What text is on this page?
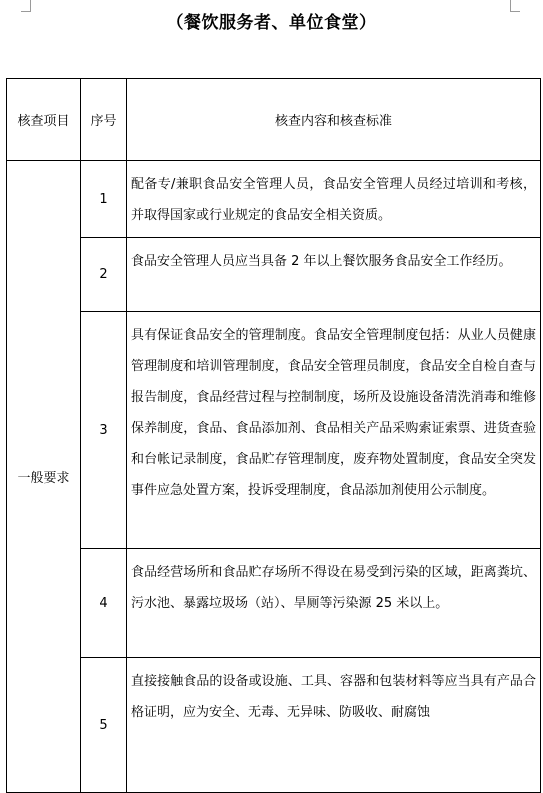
（餐饮服务者、单位食堂）
核查项目	序号	核查内容和核查标准
一般要求	1	配备专/兼职食品安全管理人员，食品安全管理人员经过培训和考核，并取得国家或行业规定的食品安全相关资质。
	2	食品安全管理人员应当具备 2 年以上餐饮服务食品安全工作经历。
	3	具有保证食品安全的管理制度。食品安全管理制度包括：从业人员健康管理制度和培训管理制度，食品安全管理员制度，食品安全自检自查与报告制度，食品经营过程与控制制度，场所及设施设备清洗消毒和维修保养制度，食品、食品添加剂、食品相关产品采购索证索票、进货查验和台帐记录制度，食品贮存管理制度，废弃物处置制度，食品安全突发事件应急处置方案，投诉受理制度，食品添加剂使用公示制度。
	4	食品经营场所和食品贮存场所不得设在易受到污染的区域，距离粪坑、污水池、暴露垃圾场（站）、旱厕等污染源 25 米以上。
	5	直接接触食品的设备或设施、工具、容器和包装材料等应当具有产品合格证明，应为安全、无毒、无异味、防吸收、耐腐蚀
